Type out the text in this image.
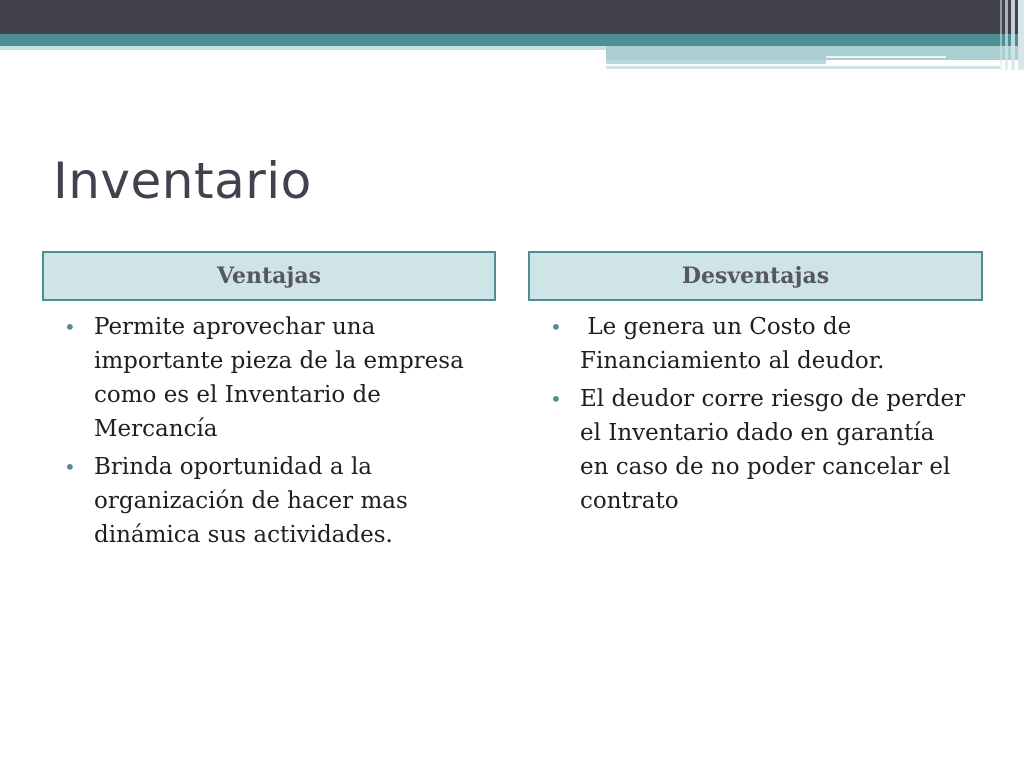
Inventario
Ventajas	Desventajas
• Permite aprovechar una importante pieza de la empresa como es el Inventario de Mercancía
• Brinda oportunidad a la organización de hacer mas dinámica sus actividades.
• Le genera un Costo de Financiamiento al deudor.
• El deudor corre riesgo de perder el Inventario dado en garantía en caso de no poder cancelar el contrato
